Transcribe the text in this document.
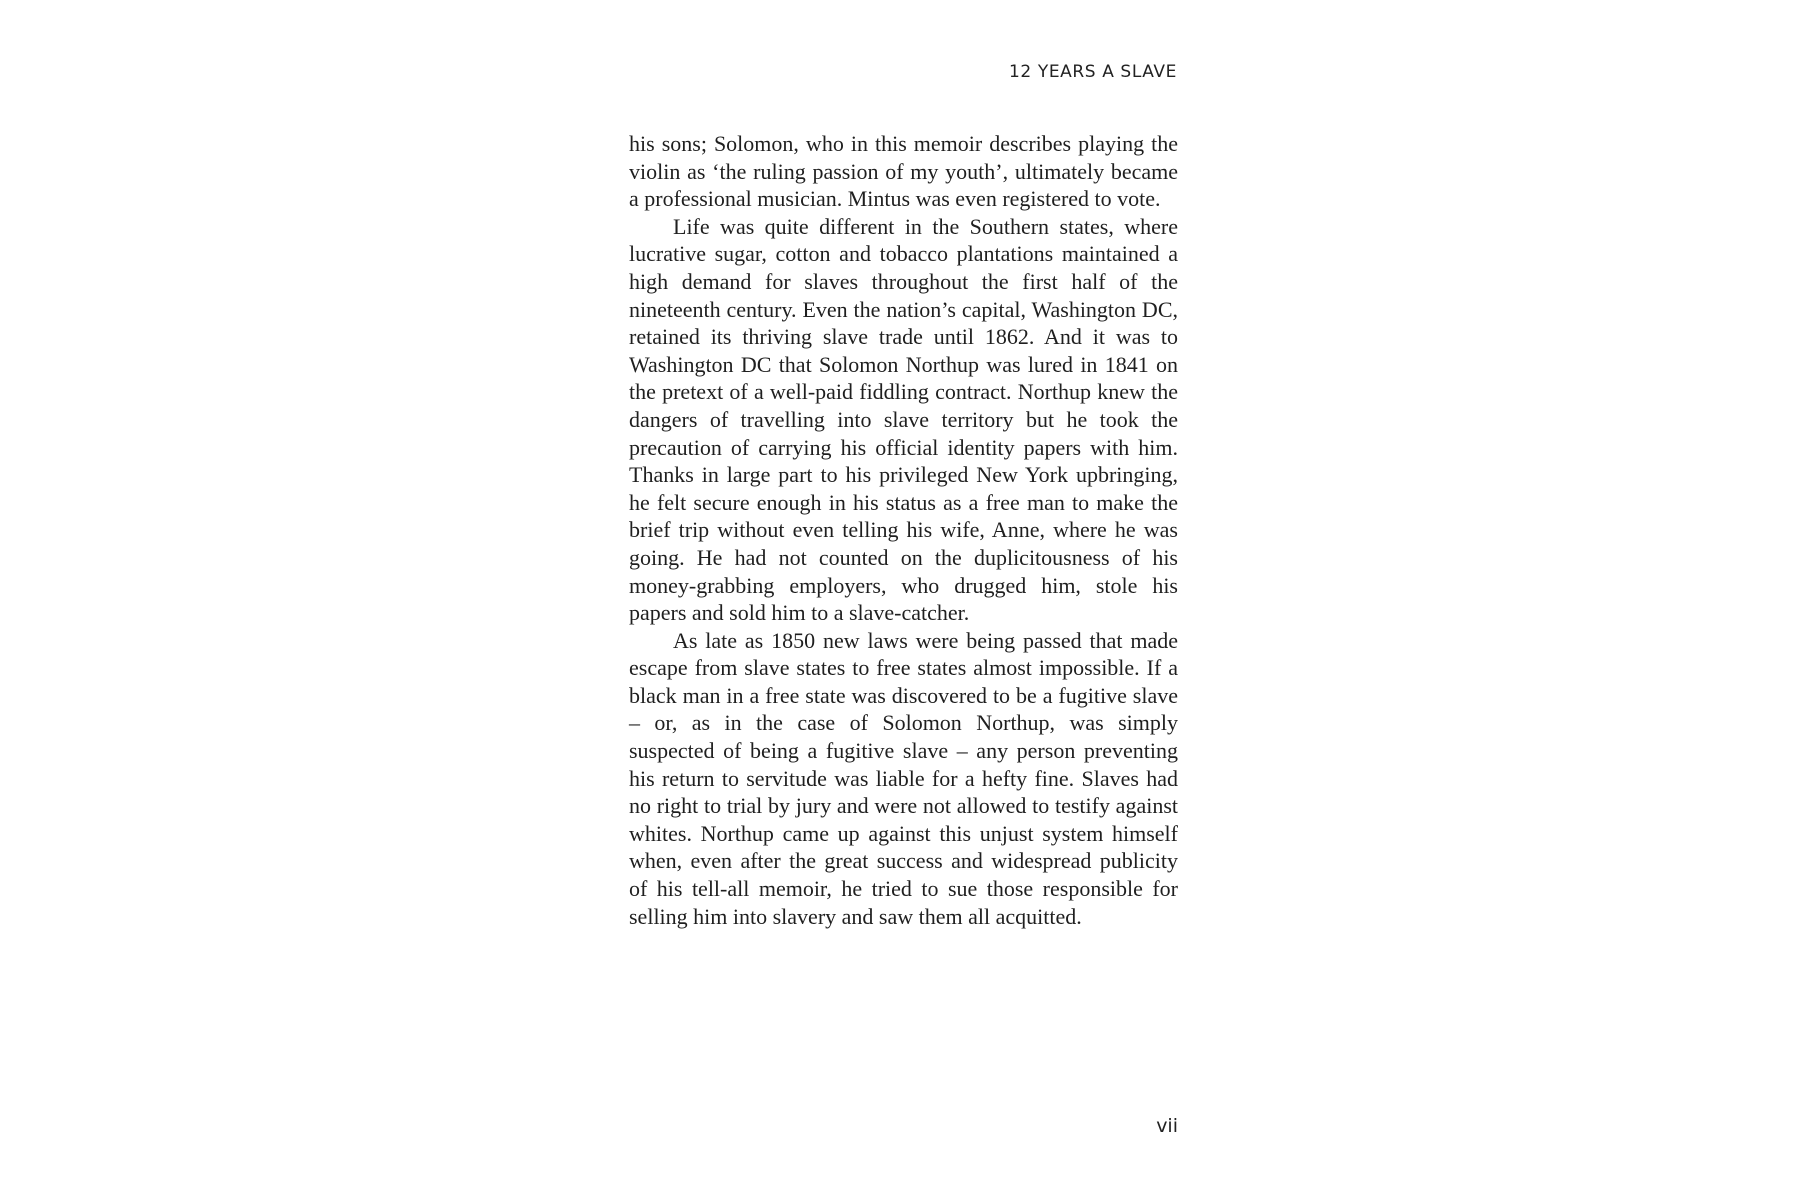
12 YEARS A SLAVE

his sons; Solomon, who in this memoir describes playing the violin as ‘the ruling passion of my youth’, ultimately became a professional musician. Mintus was even registered to vote.

Life was quite different in the Southern states, where lucrative sugar, cotton and tobacco plantations maintained a high demand for slaves throughout the first half of the nineteenth century. Even the nation’s capital, Washington DC, retained its thriving slave trade until 1862. And it was to Washington DC that Solomon Northup was lured in 1841 on the pretext of a well-paid fiddling contract. Northup knew the dangers of travelling into slave territory but he took the precaution of carrying his official identity papers with him. Thanks in large part to his privileged New York upbringing, he felt secure enough in his status as a free man to make the brief trip without even telling his wife, Anne, where he was going. He had not counted on the duplicitousness of his money-grabbing employers, who drugged him, stole his papers and sold him to a slave-catcher.

As late as 1850 new laws were being passed that made escape from slave states to free states almost impossible. If a black man in a free state was discovered to be a fugitive slave – or, as in the case of Solomon Northup, was simply suspected of being a fugitive slave – any person preventing his return to servitude was liable for a hefty fine. Slaves had no right to trial by jury and were not allowed to testify against whites. Northup came up against this unjust system himself when, even after the great success and widespread publicity of his tell-all memoir, he tried to sue those responsible for selling him into slavery and saw them all acquitted.

vii
